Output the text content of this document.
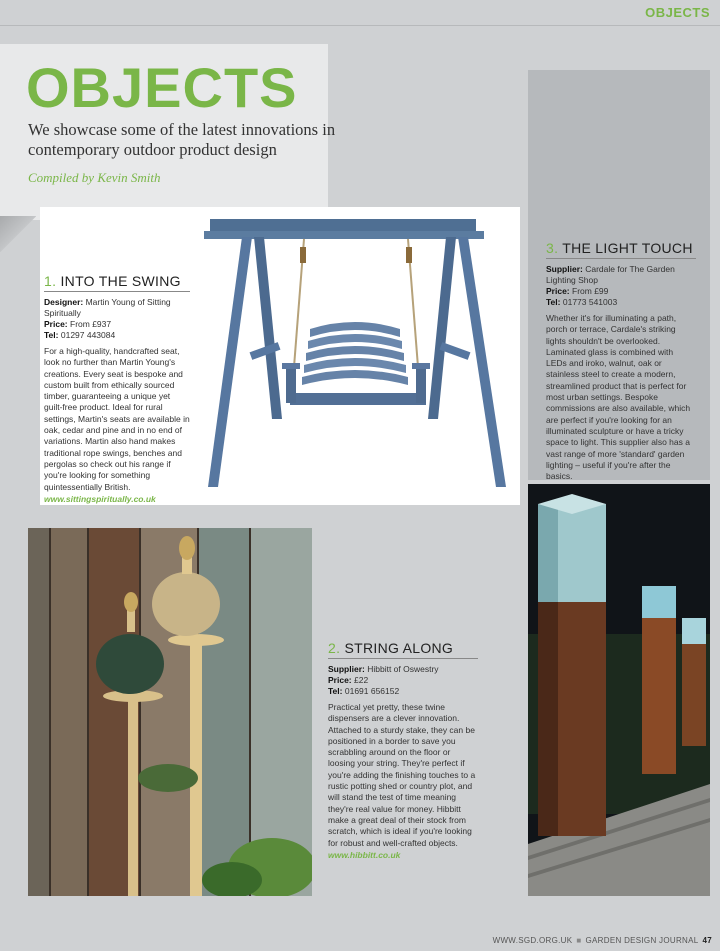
OBJECTS
OBJECTS

We showcase some of the latest innovations in contemporary outdoor product design

Compiled by Kevin Smith

1. INTO THE SWING
Designer: Martin Young of Sitting Spiritually
Price: From £937
Tel: 01297 443084

For a high-quality, handcrafted seat, look no further than Martin Young's creations. Every seat is bespoke and custom built from ethically sourced timber, guaranteeing a unique yet guilt-free product. Ideal for rural settings, Martin's seats are available in oak, cedar and pine and in no end of variations. Martin also hand makes traditional rope swings, benches and pergolas so check out his range if you're looking for something quintessentially British.

www.sittingspiritually.co.uk

3. THE LIGHT TOUCH
Supplier: Cardale for The Garden Lighting Shop
Price: From £99
Tel: 01773 541003

Whether it's for illuminating a path, porch or terrace, Cardale's striking lights shouldn't be overlooked. Laminated glass is combined with LEDs and iroko, walnut, oak or stainless steel to create a modern, streamlined product that is perfect for most urban settings. Bespoke commissions are also available, which are perfect if you're looking for an illuminated sculpture or have a tricky space to light. This supplier also has a vast range of more 'standard' garden lighting – useful if you're after the basics.

2. STRING ALONG
Supplier: Hibbitt of Oswestry
Price: £22
Tel: 01691 656152

Practical yet pretty, these twine dispensers are a clever innovation. Attached to a sturdy stake, they can be positioned in a border to save you scrabbling around on the floor or loosing your string. They're perfect if you're adding the finishing touches to a rustic potting shed or country plot, and will stand the test of time meaning they're real value for money. Hibbitt make a great deal of their stock from scratch, which is ideal if you're looking for robust and well-crafted objects.

www.hibbitt.co.uk

WWW.SGD.ORG.UK ■ GARDEN DESIGN JOURNAL 47
